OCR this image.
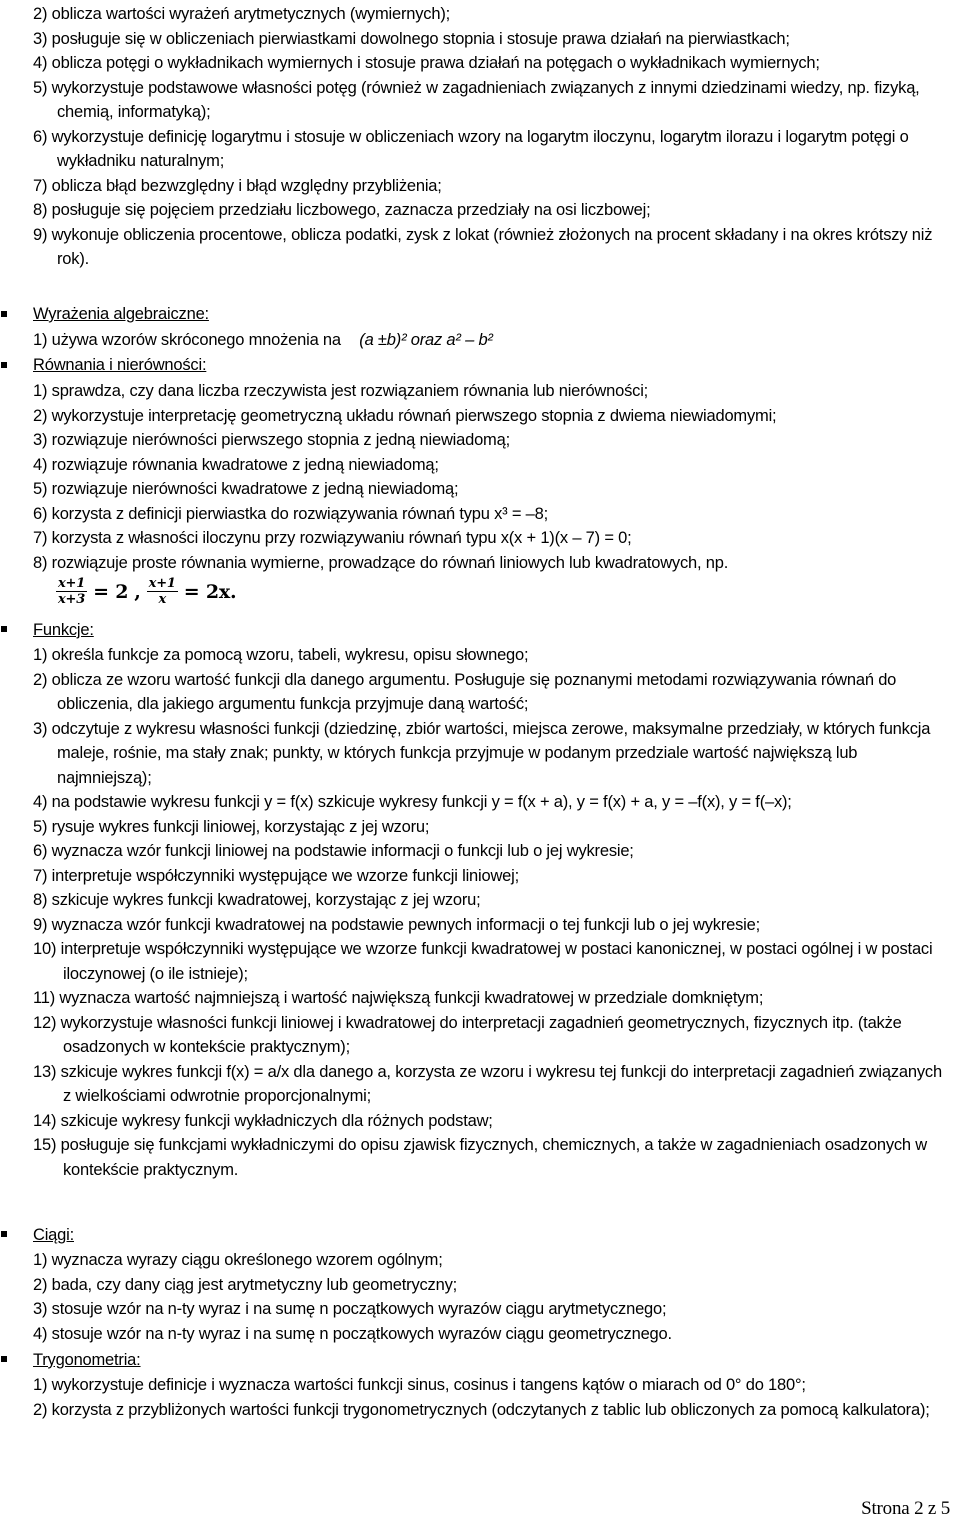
2) oblicza wartości wyrażeń arytmetycznych (wymiernych);
3) posługuje się w obliczeniach pierwiastkami dowolnego stopnia i stosuje prawa działań na pierwiastkach;
4) oblicza potęgi o wykładnikach wymiernych i stosuje prawa działań na potęgach o wykładnikach wymiernych;
5) wykorzystuje podstawowe własności potęg (również w zagadnieniach związanych z innymi dziedzinami wiedzy, np. fizyką, chemią, informatyką);
6) wykorzystuje definicję logarytmu i stosuje w obliczeniach wzory na logarytm iloczynu, logarytm ilorazu i logarytm potęgi o wykładniku naturalnym;
7) oblicza błąd bezwzględny i błąd względny przybliżenia;
8) posługuje się pojęciem przedziału liczbowego, zaznacza przedziały na osi liczbowej;
9) wykonuje obliczenia procentowe, oblicza podatki, zysk z lokat (również złożonych na procent składany i na okres krótszy niż rok).
Wyrażenia algebraiczne:
1) używa wzorów skróconego mnożenia na (a ±b)² oraz a² – b²
Równania i nierówności:
1) sprawdza, czy dana liczba rzeczywista jest rozwiązaniem równania lub nierówności;
2) wykorzystuje interpretację geometryczną układu równań pierwszego stopnia z dwiema niewiadomymi;
3) rozwiązuje nierówności pierwszego stopnia z jedną niewiadomą;
4) rozwiązuje równania kwadratowe z jedną niewiadomą;
5) rozwiązuje nierówności kwadratowe z jedną niewiadomą;
6) korzysta z definicji pierwiastka do rozwiązywania równań typu x³ = –8;
7) korzysta z własności iloczynu przy rozwiązywaniu równań typu x(x + 1)(x – 7) = 0;
8) rozwiązuje proste równania wymierne, prowadzące do równań liniowych lub kwadratowych, np.
$\frac{x+1}{x+3} = 2$ , $\frac{x+1}{x} = 2x$.
Funkcje:
1) określa funkcje za pomocą wzoru, tabeli, wykresu, opisu słownego;
2) oblicza ze wzoru wartość funkcji dla danego argumentu. Posługuje się poznanymi metodami rozwiązywania równań do obliczenia, dla jakiego argumentu funkcja przyjmuje daną wartość;
3) odczytuje z wykresu własności funkcji (dziedzinę, zbiór wartości, miejsca zerowe, maksymalne przedziały, w których funkcja maleje, rośnie, ma stały znak; punkty, w których funkcja przyjmuje w podanym przedziale wartość największą lub najmniejszą);
4) na podstawie wykresu funkcji y = f(x) szkicuje wykresy funkcji y = f(x + a), y = f(x) + a, y = –f(x), y = f(–x);
5) rysuje wykres funkcji liniowej, korzystając z jej wzoru;
6) wyznacza wzór funkcji liniowej na podstawie informacji o funkcji lub o jej wykresie;
7) interpretuje współczynniki występujące we wzorze funkcji liniowej;
8) szkicuje wykres funkcji kwadratowej, korzystając z jej wzoru;
9) wyznacza wzór funkcji kwadratowej na podstawie pewnych informacji o tej funkcji lub o jej wykresie;
10) interpretuje współczynniki występujące we wzorze funkcji kwadratowej w postaci kanonicznej, w postaci ogólnej i w postaci iloczynowej (o ile istnieje);
11) wyznacza wartość najmniejszą i wartość największą funkcji kwadratowej w przedziale domkniętym;
12) wykorzystuje własności funkcji liniowej i kwadratowej do interpretacji zagadnień geometrycznych, fizycznych itp. (także osadzonych w kontekście praktycznym);
13) szkicuje wykres funkcji f(x) = a/x dla danego a, korzysta ze wzoru i wykresu tej funkcji do interpretacji zagadnień związanych z wielkościami odwrotnie proporcjonalnymi;
14) szkicuje wykresy funkcji wykładniczych dla różnych podstaw;
15) posługuje się funkcjami wykładniczymi do opisu zjawisk fizycznych, chemicznych, a także w zagadnieniach osadzonych w kontekście praktycznym.
Ciągi:
1) wyznacza wyrazy ciągu określonego wzorem ogólnym;
2) bada, czy dany ciąg jest arytmetyczny lub geometryczny;
3) stosuje wzór na n-ty wyraz i na sumę n początkowych wyrazów ciągu arytmetycznego;
4) stosuje wzór na n-ty wyraz i na sumę n początkowych wyrazów ciągu geometrycznego.
Trygonometria:
1) wykorzystuje definicje i wyznacza wartości funkcji sinus, cosinus i tangens kątów o miarach od 0° do 180°;
2) korzysta z przybliżonych wartości funkcji trygonometrycznych (odczytanych z tablic lub obliczonych za pomocą kalkulatora);
Strona 2 z 5
